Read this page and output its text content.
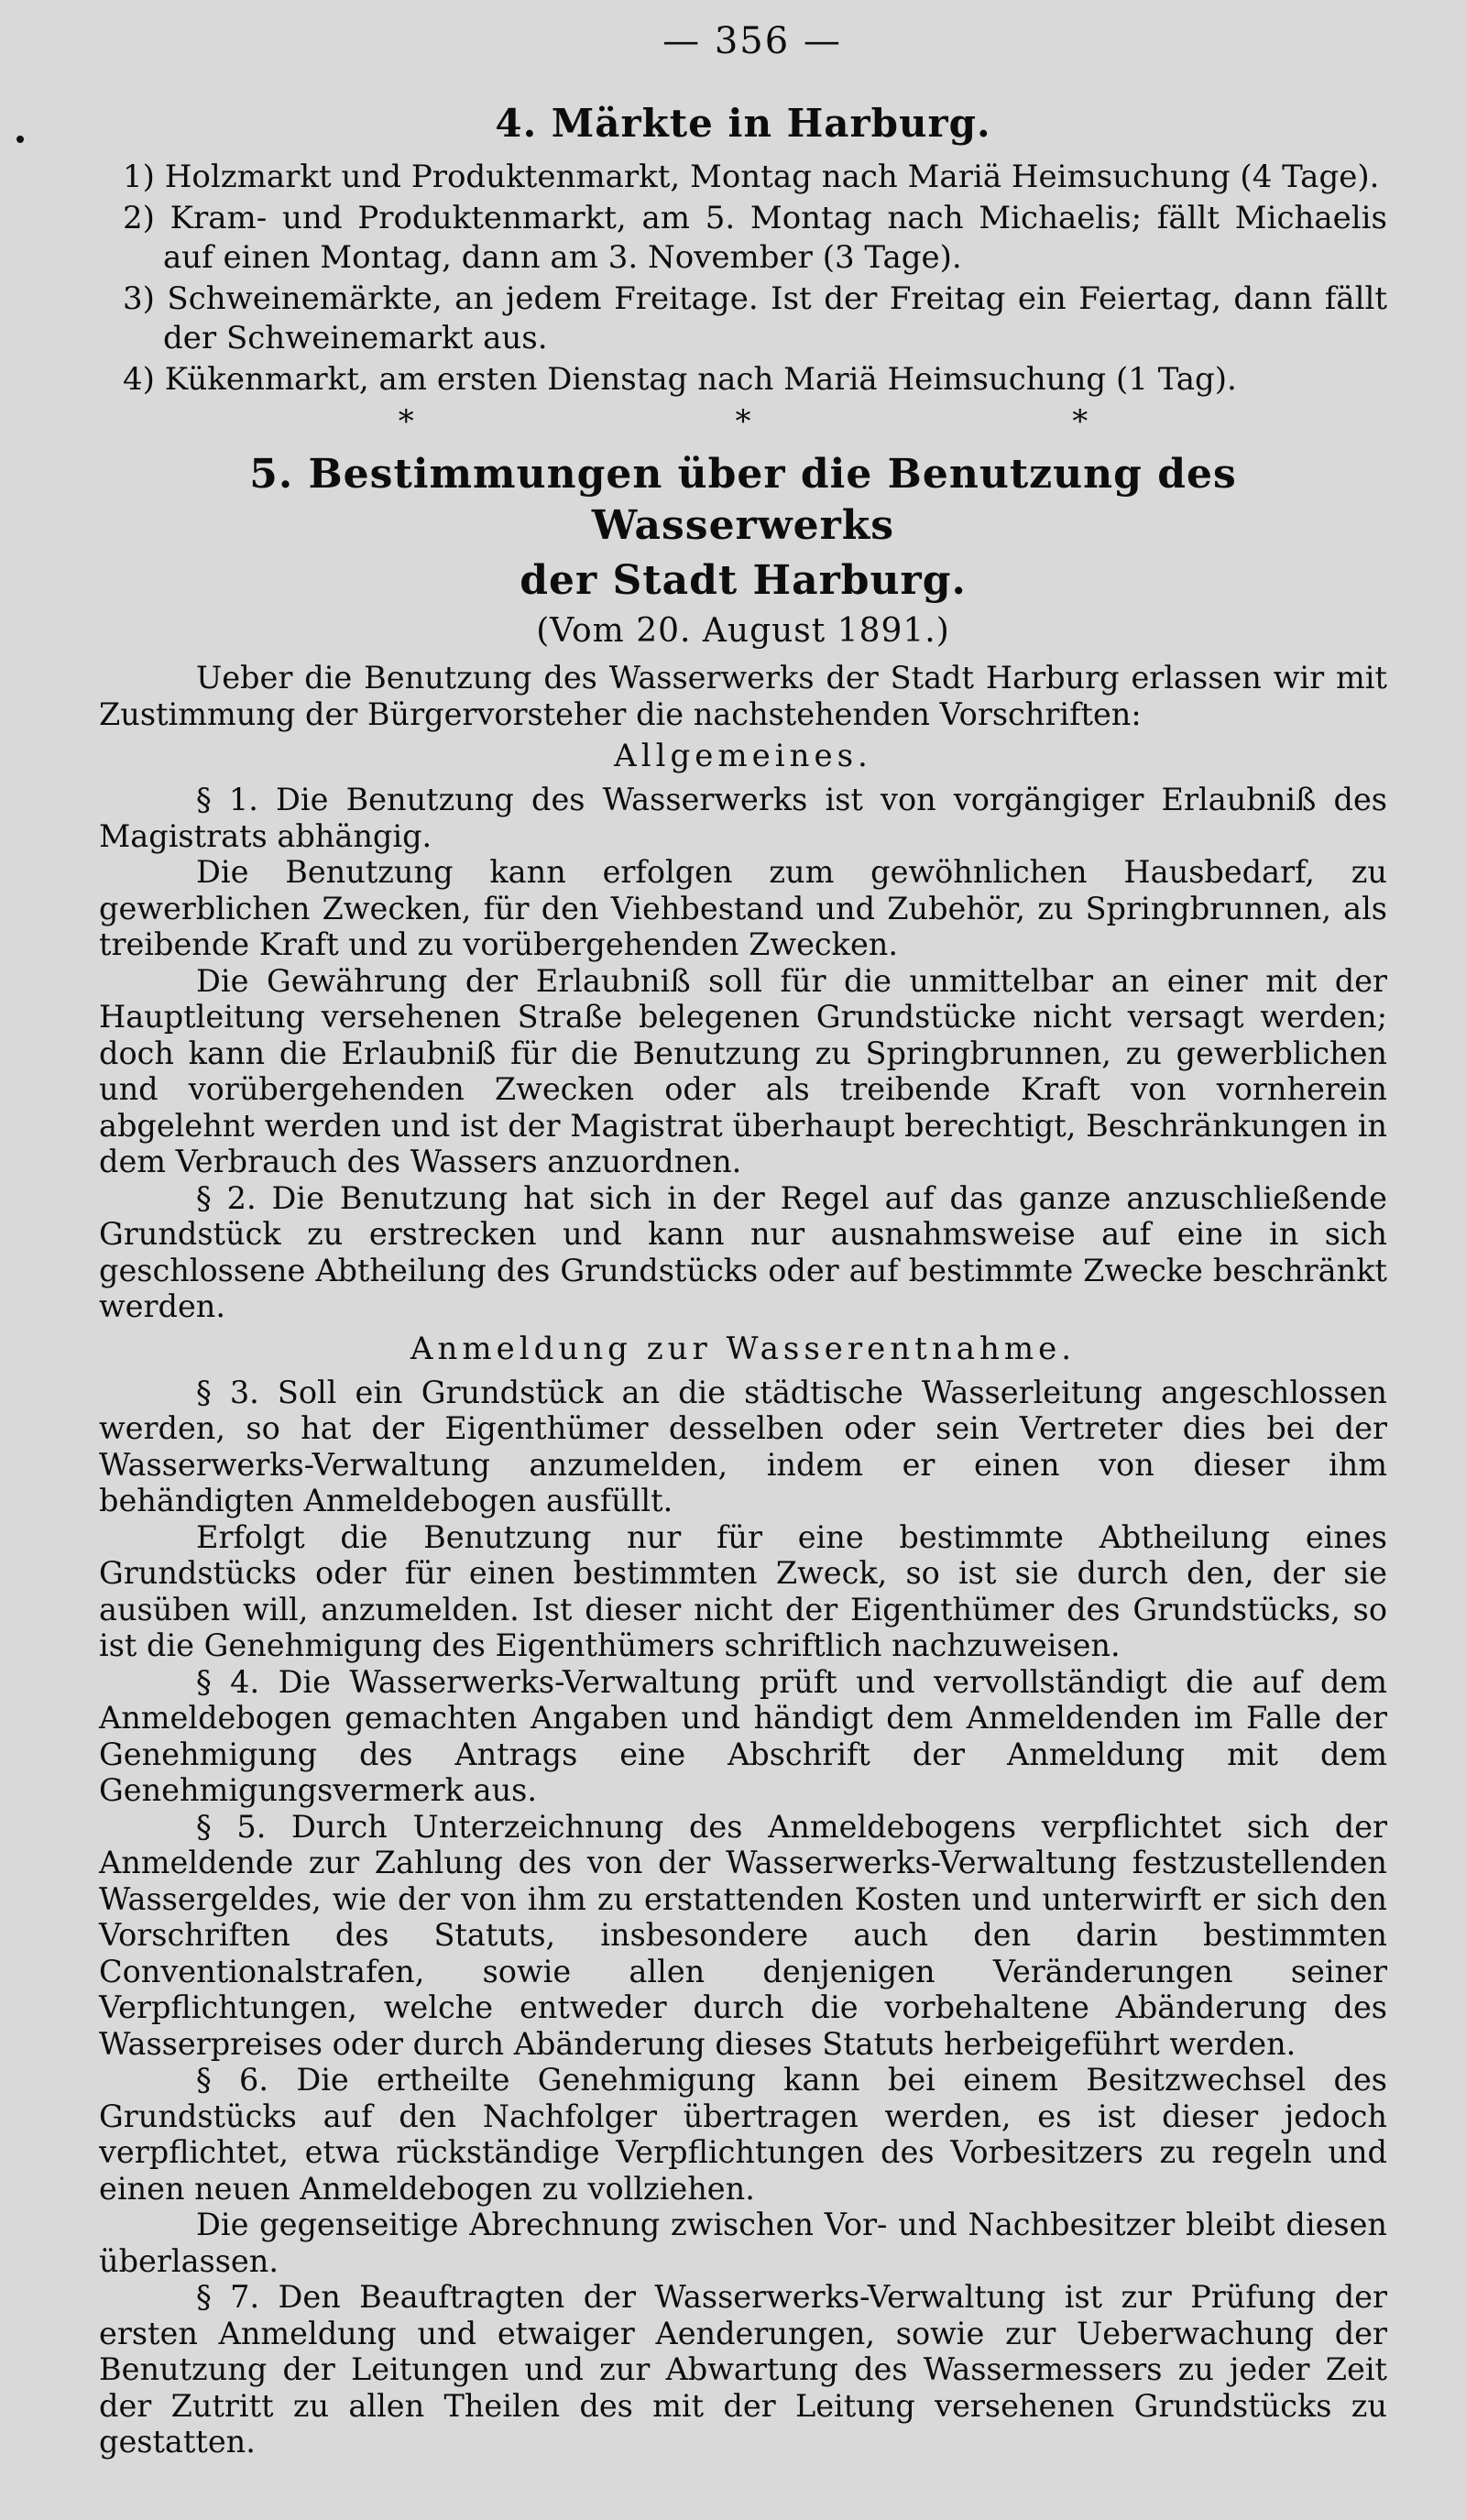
— 356 —
4. Märkte in Harburg.
1) Holzmarkt und Produktenmarkt, Montag nach Mariä Heimsuchung (4 Tage).
2) Kram- und Produktenmarkt, am 5. Montag nach Michaelis; fällt Michaelis auf einen Montag, dann am 3. November (3 Tage).
3) Schweinemärkte, an jedem Freitage. Ist der Freitag ein Feiertag, dann fällt der Schweinemarkt aus.
4) Kükenmarkt, am ersten Dienstag nach Mariä Heimsuchung (1 Tag).
* * *
5. Bestimmungen über die Benutzung des Wasserwerks
der Stadt Harburg.
(Vom 20. August 1891.)

Ueber die Benutzung des Wasserwerks der Stadt Harburg erlassen wir mit Zustimmung der Bürgervorsteher die nachstehenden Vorschriften:

Allgemeines.

§ 1. Die Benutzung des Wasserwerks ist von vorgängiger Erlaubniß des Magistrats abhängig.

Die Benutzung kann erfolgen zum gewöhnlichen Hausbedarf, zu gewerblichen Zwecken, für den Viehbestand und Zubehör, zu Springbrunnen, als treibende Kraft und zu vorübergehenden Zwecken.

Die Gewährung der Erlaubniß soll für die unmittelbar an einer mit der Hauptleitung versehenen Straße belegenen Grundstücke nicht versagt werden; doch kann die Erlaubniß für die Benutzung zu Springbrunnen, zu gewerblichen und vorübergehenden Zwecken oder als treibende Kraft von vornherein abgelehnt werden und ist der Magistrat überhaupt berechtigt, Beschränkungen in dem Verbrauch des Wassers anzuordnen.

§ 2. Die Benutzung hat sich in der Regel auf das ganze anzuschließende Grundstück zu erstrecken und kann nur ausnahmsweise auf eine in sich geschlossene Abtheilung des Grundstücks oder auf bestimmte Zwecke beschränkt werden.

Anmeldung zur Wasserentnahme.

§ 3. Soll ein Grundstück an die städtische Wasserleitung angeschlossen werden, so hat der Eigenthümer desselben oder sein Vertreter dies bei der Wasserwerks-Verwaltung anzumelden, indem er einen von dieser ihm behändigten Anmeldebogen ausfüllt.

Erfolgt die Benutzung nur für eine bestimmte Abtheilung eines Grundstücks oder für einen bestimmten Zweck, so ist sie durch den, der sie ausüben will, anzumelden. Ist dieser nicht der Eigenthümer des Grundstücks, so ist die Genehmigung des Eigenthümers schriftlich nachzuweisen.

§ 4. Die Wasserwerks-Verwaltung prüft und vervollständigt die auf dem Anmeldebogen gemachten Angaben und händigt dem Anmeldenden im Falle der Genehmigung des Antrags eine Abschrift der Anmeldung mit dem Genehmigungsvermerk aus.

§ 5. Durch Unterzeichnung des Anmeldebogens verpflichtet sich der Anmeldende zur Zahlung des von der Wasserwerks-Verwaltung festzustellenden Wassergeldes, wie der von ihm zu erstattenden Kosten und unterwirft er sich den Vorschriften des Statuts, insbesondere auch den darin bestimmten Conventionalstrafen, sowie allen denjenigen Veränderungen seiner Verpflichtungen, welche entweder durch die vorbehaltene Abänderung des Wasserpreises oder durch Abänderung dieses Statuts herbeigeführt werden.

§ 6. Die ertheilte Genehmigung kann bei einem Besitzwechsel des Grundstücks auf den Nachfolger übertragen werden, es ist dieser jedoch verpflichtet, etwa rückständige Verpflichtungen des Vorbesitzers zu regeln und einen neuen Anmeldebogen zu vollziehen.

Die gegenseitige Abrechnung zwischen Vor- und Nachbesitzer bleibt diesen überlassen.

§ 7. Den Beauftragten der Wasserwerks-Verwaltung ist zur Prüfung der ersten Anmeldung und etwaiger Aenderungen, sowie zur Ueberwachung der Benutzung der Leitungen und zur Abwartung des Wassermessers zu jeder Zeit der Zutritt zu allen Theilen des mit der Leitung versehenen Grundstücks zu gestatten.
